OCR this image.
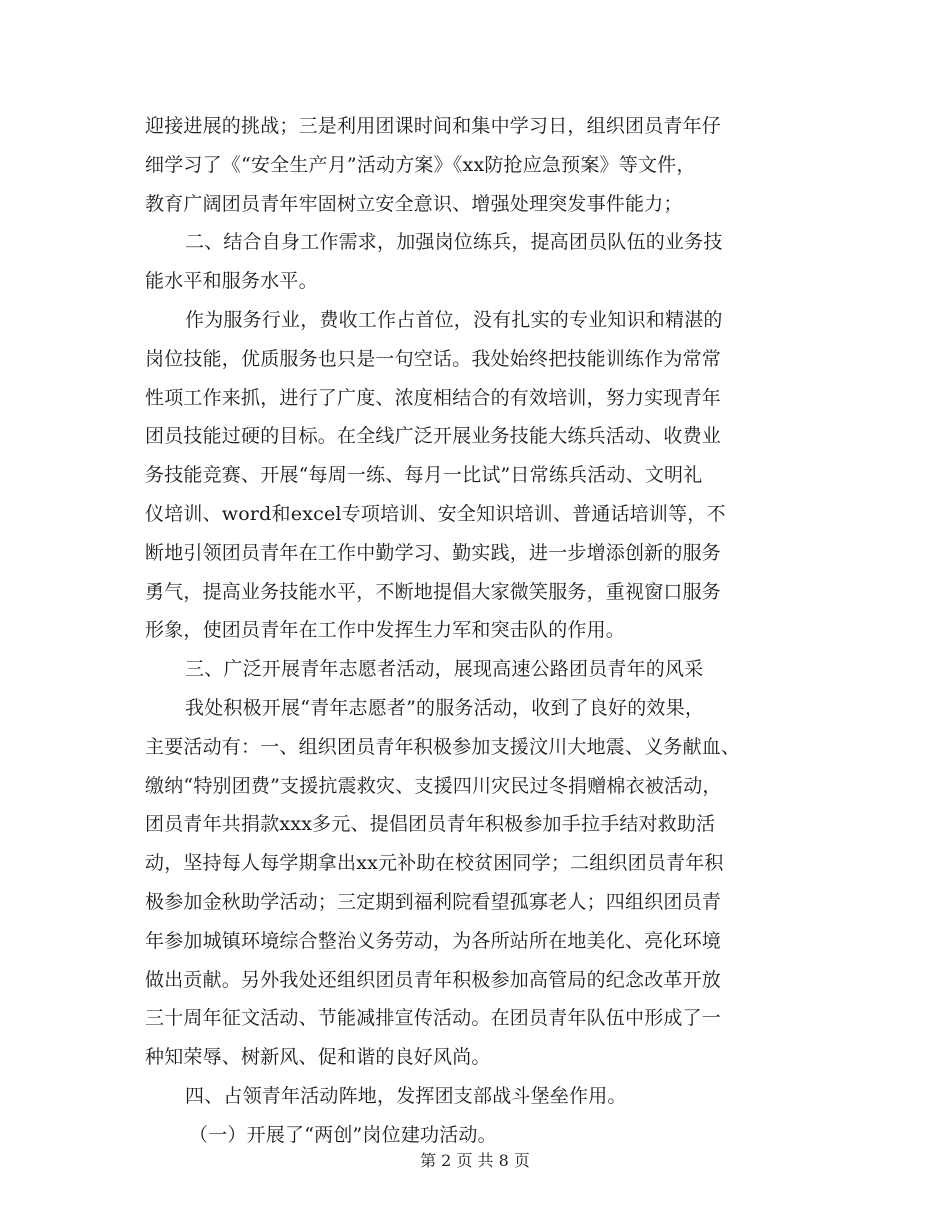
迎接进展的挑战；三是利用团课时间和集中学习日，组织团员青年仔
细学习了《“安全生产月”活动方案》《xx防抢应急预案》等文件，
教育广阔团员青年牢固树立安全意识、增强处理突发事件能力；
二、结合自身工作需求，加强岗位练兵，提高团员队伍的业务技
能水平和服务水平。
作为服务行业，费收工作占首位，没有扎实的专业知识和精湛的
岗位技能，优质服务也只是一句空话。我处始终把技能训练作为常常
性项工作来抓，进行了广度、浓度相结合的有效培训，努力实现青年
团员技能过硬的目标。在全线广泛开展业务技能大练兵活动、收费业
务技能竞赛、开展“每周一练、每月一比试”日常练兵活动、文明礼
仪培训、word和excel专项培训、安全知识培训、普通话培训等，不
断地引领团员青年在工作中勤学习、勤实践，进一步增添创新的服务
勇气，提高业务技能水平，不断地提倡大家微笑服务，重视窗口服务
形象，使团员青年在工作中发挥生力军和突击队的作用。
三、广泛开展青年志愿者活动，展现高速公路团员青年的风采
我处积极开展“青年志愿者”的服务活动，收到了良好的效果，
主要活动有：一、组织团员青年积极参加支援汶川大地震、义务献血、
缴纳“特别团费”支援抗震救灾、支援四川灾民过冬捐赠棉衣被活动，
团员青年共捐款xxx多元、提倡团员青年积极参加手拉手结对救助活
动，坚持每人每学期拿出xx元补助在校贫困同学；二组织团员青年积
极参加金秋助学活动；三定期到福利院看望孤寡老人；四组织团员青
年参加城镇环境综合整治义务劳动，为各所站所在地美化、亮化环境
做出贡献。另外我处还组织团员青年积极参加高管局的纪念改革开放
三十周年征文活动、节能减排宣传活动。在团员青年队伍中形成了一
种知荣辱、树新风、促和谐的良好风尚。
四、占领青年活动阵地，发挥团支部战斗堡垒作用。
（一）开展了“两创”岗位建功活动。
第 2 页 共 8 页
